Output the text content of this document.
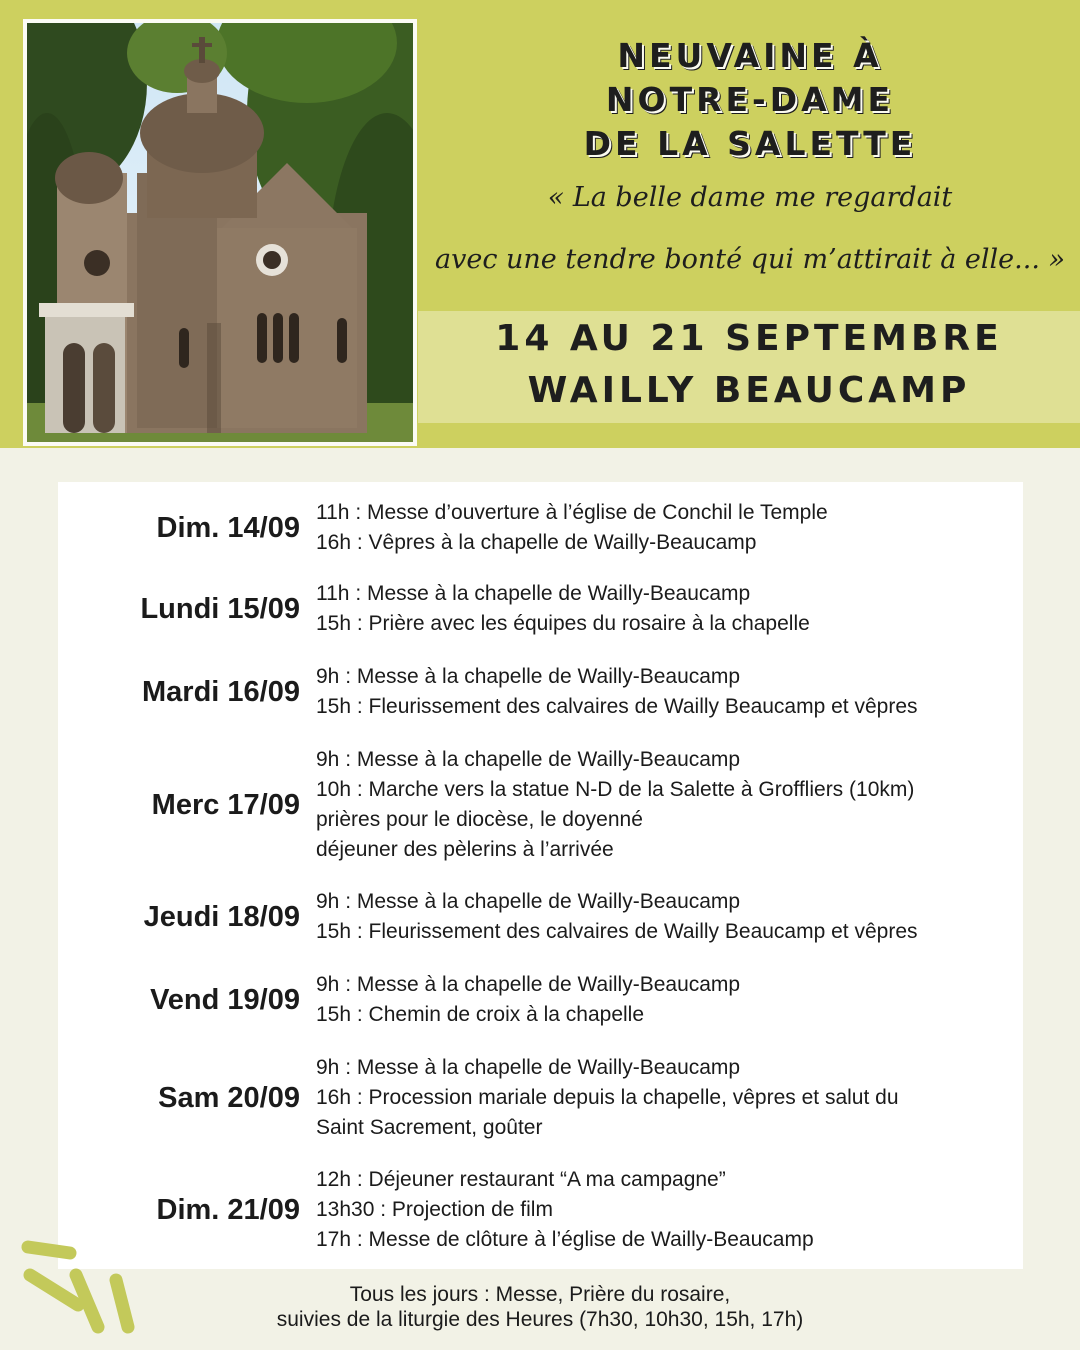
NEUVAINE À
NOTRE-DAME
DE LA SALETTE

« La belle dame me regardait

avec une tendre bonté qui m’attirait à elle... »

14 AU 21 SEPTEMBRE
WAILLY BEAUCAMP
Dim. 14/09 11h : Messe d’ouverture à l’église de Conchil le Temple
16h : Vêpres à la chapelle de Wailly-Beaucamp
Lundi 15/09 11h : Messe à la chapelle de Wailly-Beaucamp
15h : Prière avec les équipes du rosaire à la chapelle
Mardi 16/09 9h : Messe à la chapelle de Wailly-Beaucamp
15h : Fleurissement des calvaires de Wailly Beaucamp et vêpres
Merc 17/09
9h : Messe à la chapelle de Wailly-Beaucamp
10h : Marche vers la statue N-D de la Salette à Groffliers (10km)
prières pour le diocèse, le doyenné
déjeuner des pèlerins à l’arrivée
Jeudi 18/09 9h : Messe à la chapelle de Wailly-Beaucamp
15h : Fleurissement des calvaires de Wailly Beaucamp et vêpres
Vend 19/09 9h : Messe à la chapelle de Wailly-Beaucamp
15h : Chemin de croix à la chapelle
Sam 20/09
9h : Messe à la chapelle de Wailly-Beaucamp
16h : Procession mariale depuis la chapelle, vêpres et salut du
Saint Sacrement, goûter
Dim. 21/09
12h : Déjeuner restaurant “A ma campagne”
13h30 : Projection de film
17h : Messe de clôture à l’église de Wailly-Beaucamp
Tous les jours : Messe, Prière du rosaire,
suivies de la liturgie des Heures (7h30, 10h30, 15h, 17h)
